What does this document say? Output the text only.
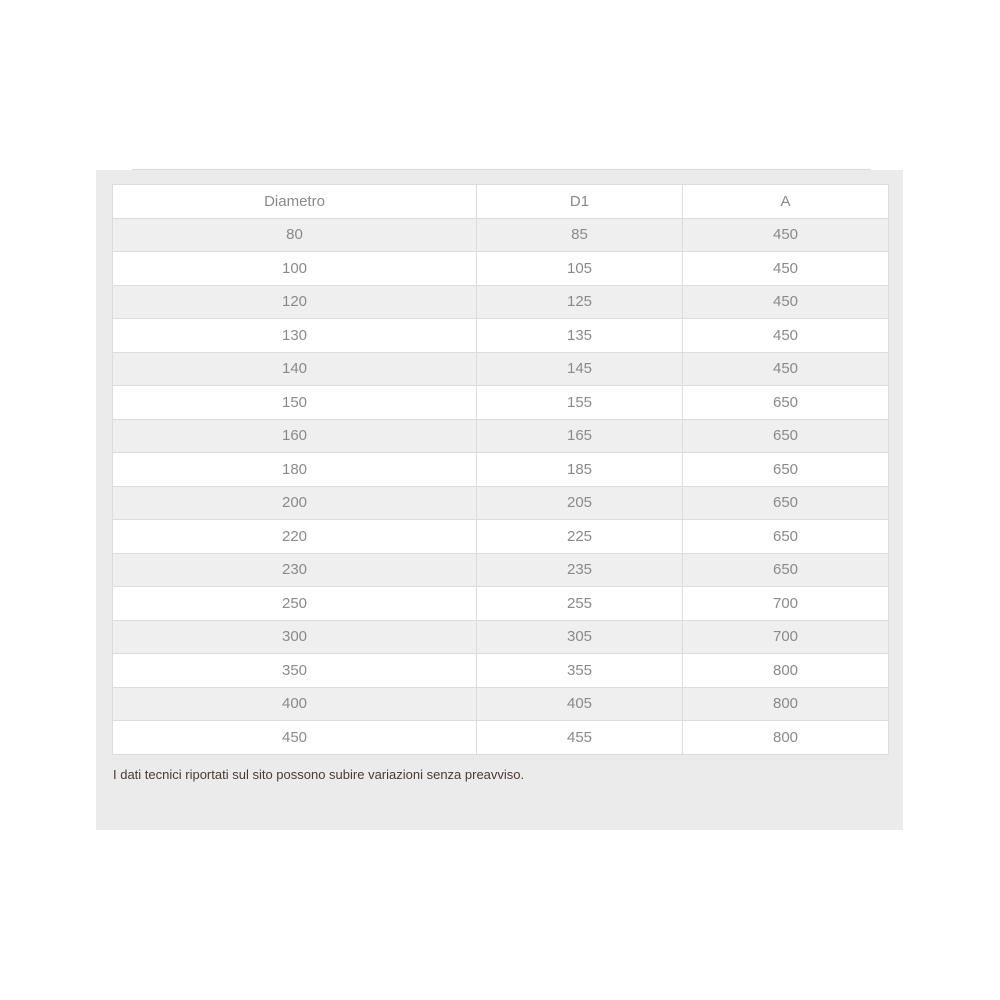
Diametro	D1	A
80	85	450
100	105	450
120	125	450
130	135	450
140	145	450
150	155	650
160	165	650
180	185	650
200	205	650
220	225	650
230	235	650
250	255	700
300	305	700
350	355	800
400	405	800
450	455	800
I dati tecnici riportati sul sito possono subire variazioni senza preavviso.
